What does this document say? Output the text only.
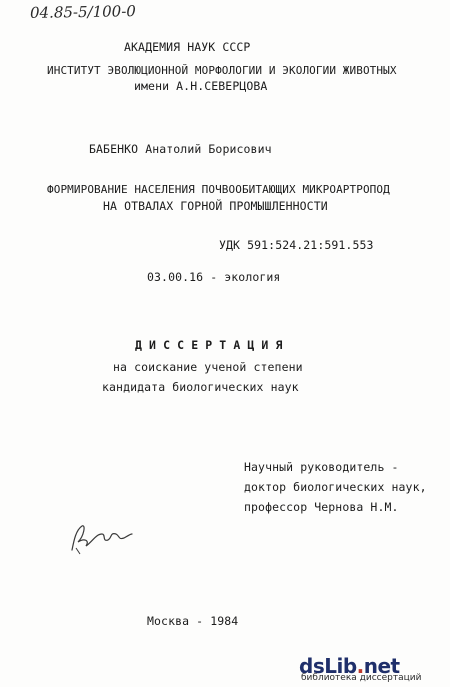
04.85-5/100-0
АКАДЕМИЯ НАУК СССР
ИНСТИТУТ ЭВОЛЮЦИОННОЙ МОРФОЛОГИИ И ЭКОЛОГИИ ЖИВОТНЫХ
имени А.Н.СЕВЕРЦОВА
БАБЕНКО Анатолий Борисович
ФОРМИРОВАНИЕ НАСЕЛЕНИЯ ПОЧВООБИТАЮЩИХ МИКРОАРТРОПОД
НА ОТВАЛАХ ГОРНОЙ ПРОМЫШЛЕННОСТИ
УДК 591:524.21:591.553
03.00.16 - экология
Д И С С Е Р Т А Ц И Я
на соискание ученой степени
кандидата биологических наук
Научный руководитель -
доктор биологических наук,
профессор Чернова Н.М.
Москва - 1984
dsLib.net
библиотека диссертаций
